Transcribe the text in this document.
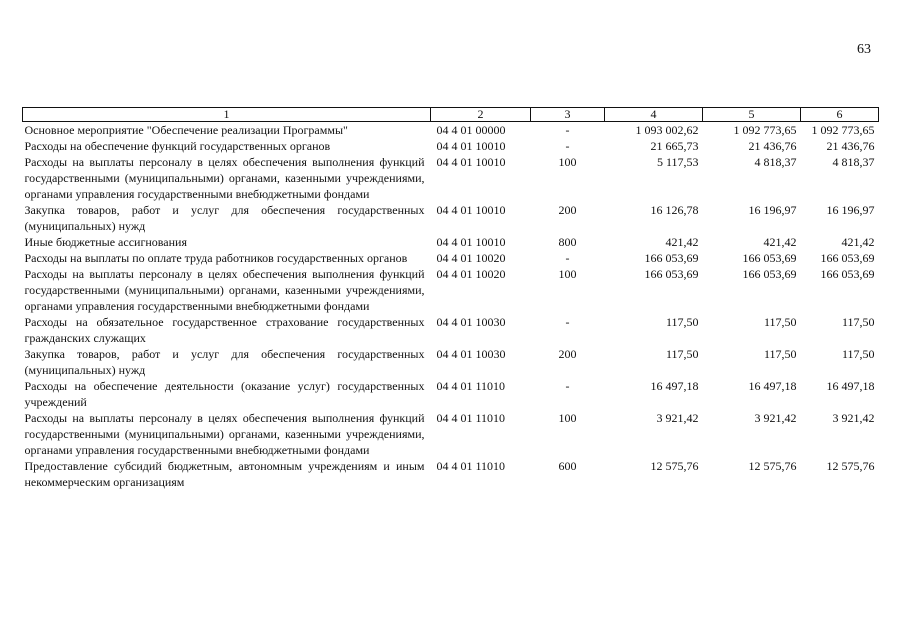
63
1	2	3	4	5	6
Основное мероприятие "Обеспечение реализации Программы"	04 4 01 00000	-	1 093 002,62	1 092 773,65	1 092 773,65
Расходы на обеспечение функций государственных органов	04 4 01 10010	-	21 665,73	21 436,76	21 436,76
Расходы на выплаты персоналу в целях обеспечения выполнения функций государственными (муниципальными) органами, казенными учреждениями, органами управления государственными внебюджетными фондами	04 4 01 10010	100	5 117,53	4 818,37	4 818,37
Закупка товаров, работ и услуг для обеспечения государственных (муниципальных) нужд	04 4 01 10010	200	16 126,78	16 196,97	16 196,97
Иные бюджетные ассигнования	04 4 01 10010	800	421,42	421,42	421,42
Расходы на выплаты по оплате труда работников государственных органов	04 4 01 10020	-	166 053,69	166 053,69	166 053,69
Расходы на выплаты персоналу в целях обеспечения выполнения функций государственными (муниципальными) органами, казенными учреждениями, органами управления государственными внебюджетными фондами	04 4 01 10020	100	166 053,69	166 053,69	166 053,69
Расходы на обязательное государственное страхование государственных гражданских служащих	04 4 01 10030	-	117,50	117,50	117,50
Закупка товаров, работ и услуг для обеспечения государственных (муниципальных) нужд	04 4 01 10030	200	117,50	117,50	117,50
Расходы на обеспечение деятельности (оказание услуг) государственных учреждений	04 4 01 11010	-	16 497,18	16 497,18	16 497,18
Расходы на выплаты персоналу в целях обеспечения выполнения функций государственными (муниципальными) органами, казенными учреждениями, органами управления государственными внебюджетными фондами	04 4 01 11010	100	3 921,42	3 921,42	3 921,42
Предоставление субсидий бюджетным, автономным учреждениям и иным некоммерческим организациям	04 4 01 11010	600	12 575,76	12 575,76	12 575,76
